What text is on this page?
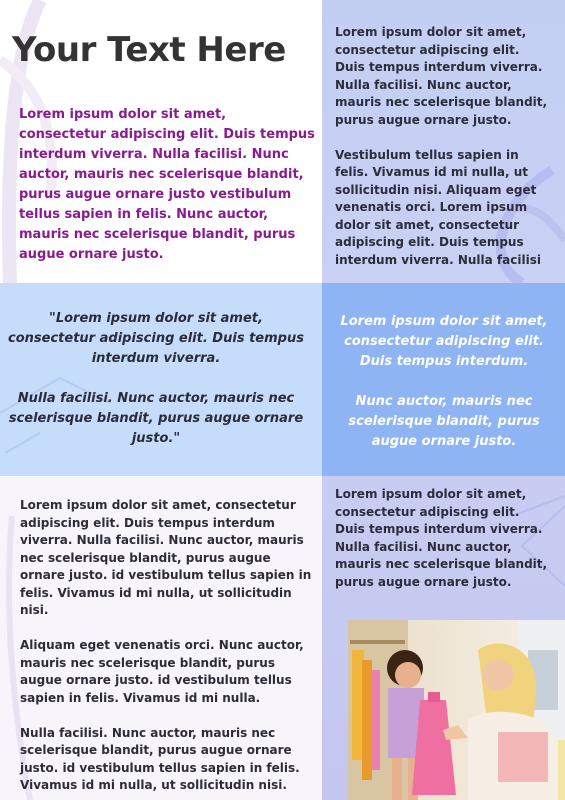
Your Text Here

Lorem ipsum dolor sit amet, consectetur adipiscing elit. Duis tempus interdum viverra. Nulla facilisi. Nunc auctor, mauris nec scelerisque blandit, purus augue ornare justo vestibulum tellus sapien in felis. Nunc auctor, mauris nec scelerisque blandit, purus augue ornare justo.

Lorem ipsum dolor sit amet, consectetur adipiscing elit. Duis tempus interdum viverra. Nulla facilisi. Nunc auctor, mauris nec scelerisque blandit, purus augue ornare justo.

Vestibulum tellus sapien in felis. Vivamus id mi nulla, ut sollicitudin nisi. Aliquam eget venenatis orci. Lorem ipsum dolor sit amet, consectetur adipiscing elit. Duis tempus interdum viverra. Nulla facilisi

"Lorem ipsum dolor sit amet, consectetur adipiscing elit. Duis tempus interdum viverra.

Nulla facilisi. Nunc auctor, mauris nec scelerisque blandit, purus augue ornare justo."

Lorem ipsum dolor sit amet, consectetur adipiscing elit. Duis tempus interdum.

Nunc auctor, mauris nec scelerisque blandit, purus augue ornare justo.

Lorem ipsum dolor sit amet, consectetur adipiscing elit. Duis tempus interdum viverra. Nulla facilisi. Nunc auctor, mauris nec scelerisque blandit, purus augue ornare justo. id vestibulum tellus sapien in felis. Vivamus id mi nulla, ut sollicitudin nisi.

Aliquam eget venenatis orci. Nunc auctor, mauris nec scelerisque blandit, purus augue ornare justo. id vestibulum tellus sapien in felis. Vivamus id mi nulla.

Nulla facilisi. Nunc auctor, mauris nec scelerisque blandit, purus augue ornare justo. id vestibulum tellus sapien in felis. Vivamus id mi nulla, ut sollicitudin nisi.

Lorem ipsum dolor sit amet, consectetur adipiscing elit. Duis tempus interdum viverra. Nulla facilisi. Nunc auctor, mauris nec scelerisque blandit, purus augue ornare justo.
